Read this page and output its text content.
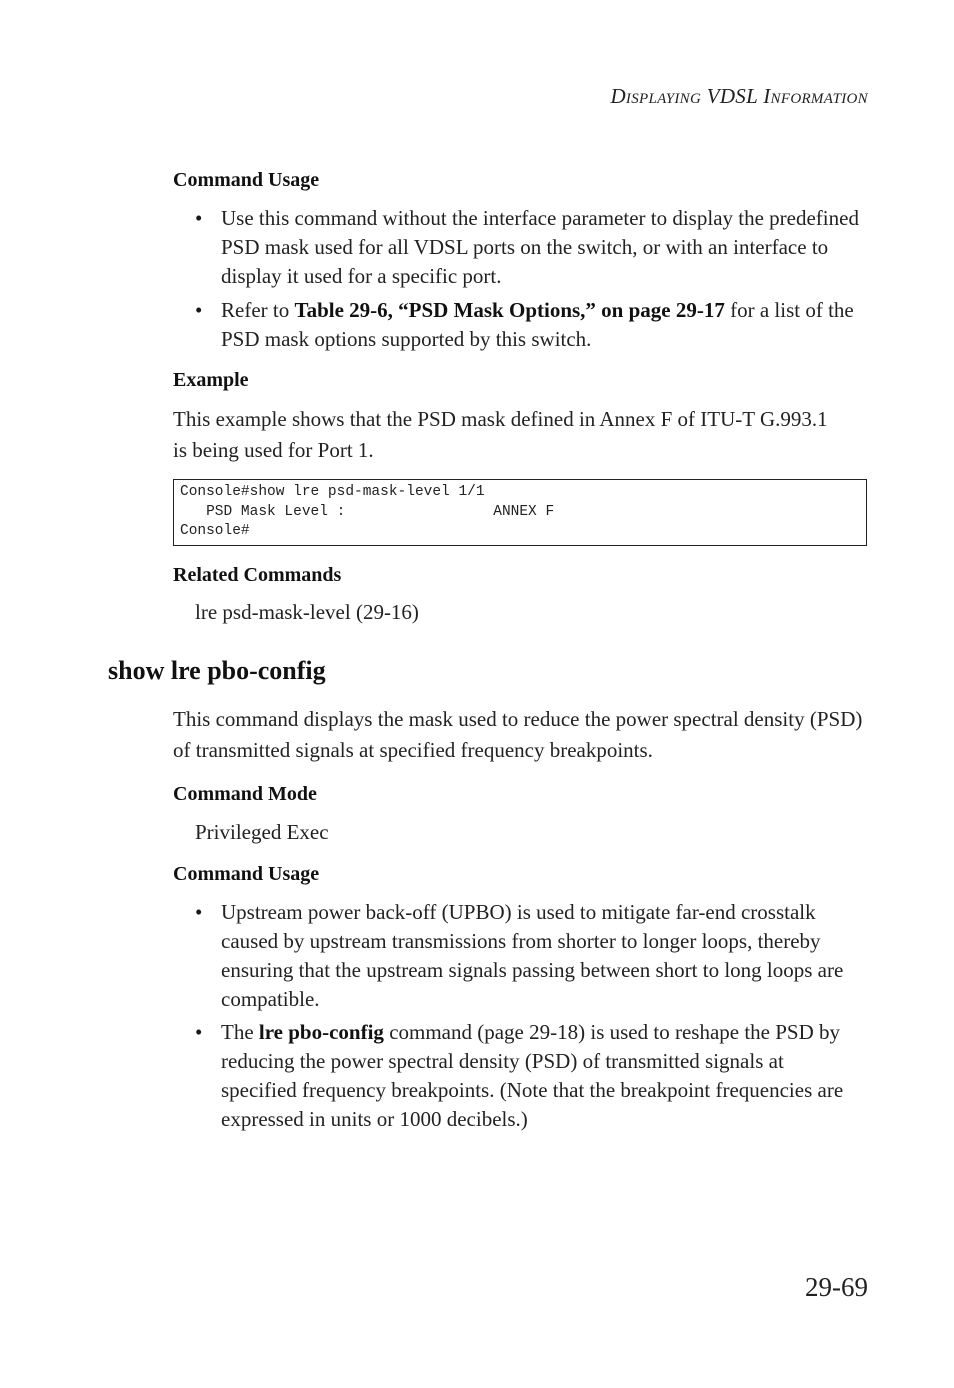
DISPLAYING VDSL INFORMATION
Command Usage
• Use this command without the interface parameter to display the predefined PSD mask used for all VDSL ports on the switch, or with an interface to display it used for a specific port.
• Refer to Table 29-6, “PSD Mask Options,” on page 29-17 for a list of the PSD mask options supported by this switch.
Example
This example shows that the PSD mask defined in Annex F of ITU-T G.993.1 is being used for Port 1.
Console#show lre psd-mask-level 1/1
PSD Mask Level :                 ANNEX F
Console#
Related Commands
lre psd-mask-level (29-16)
show lre pbo-config
This command displays the mask used to reduce the power spectral density (PSD) of transmitted signals at specified frequency breakpoints.
Command Mode
Privileged Exec
Command Usage
• Upstream power back-off (UPBO) is used to mitigate far-end crosstalk caused by upstream transmissions from shorter to longer loops, thereby ensuring that the upstream signals passing between short to long loops are compatible.
• The lre pbo-config command (page 29-18) is used to reshape the PSD by reducing the power spectral density (PSD) of transmitted signals at specified frequency breakpoints. (Note that the breakpoint frequencies are expressed in units or 1000 decibels.)
29-69
